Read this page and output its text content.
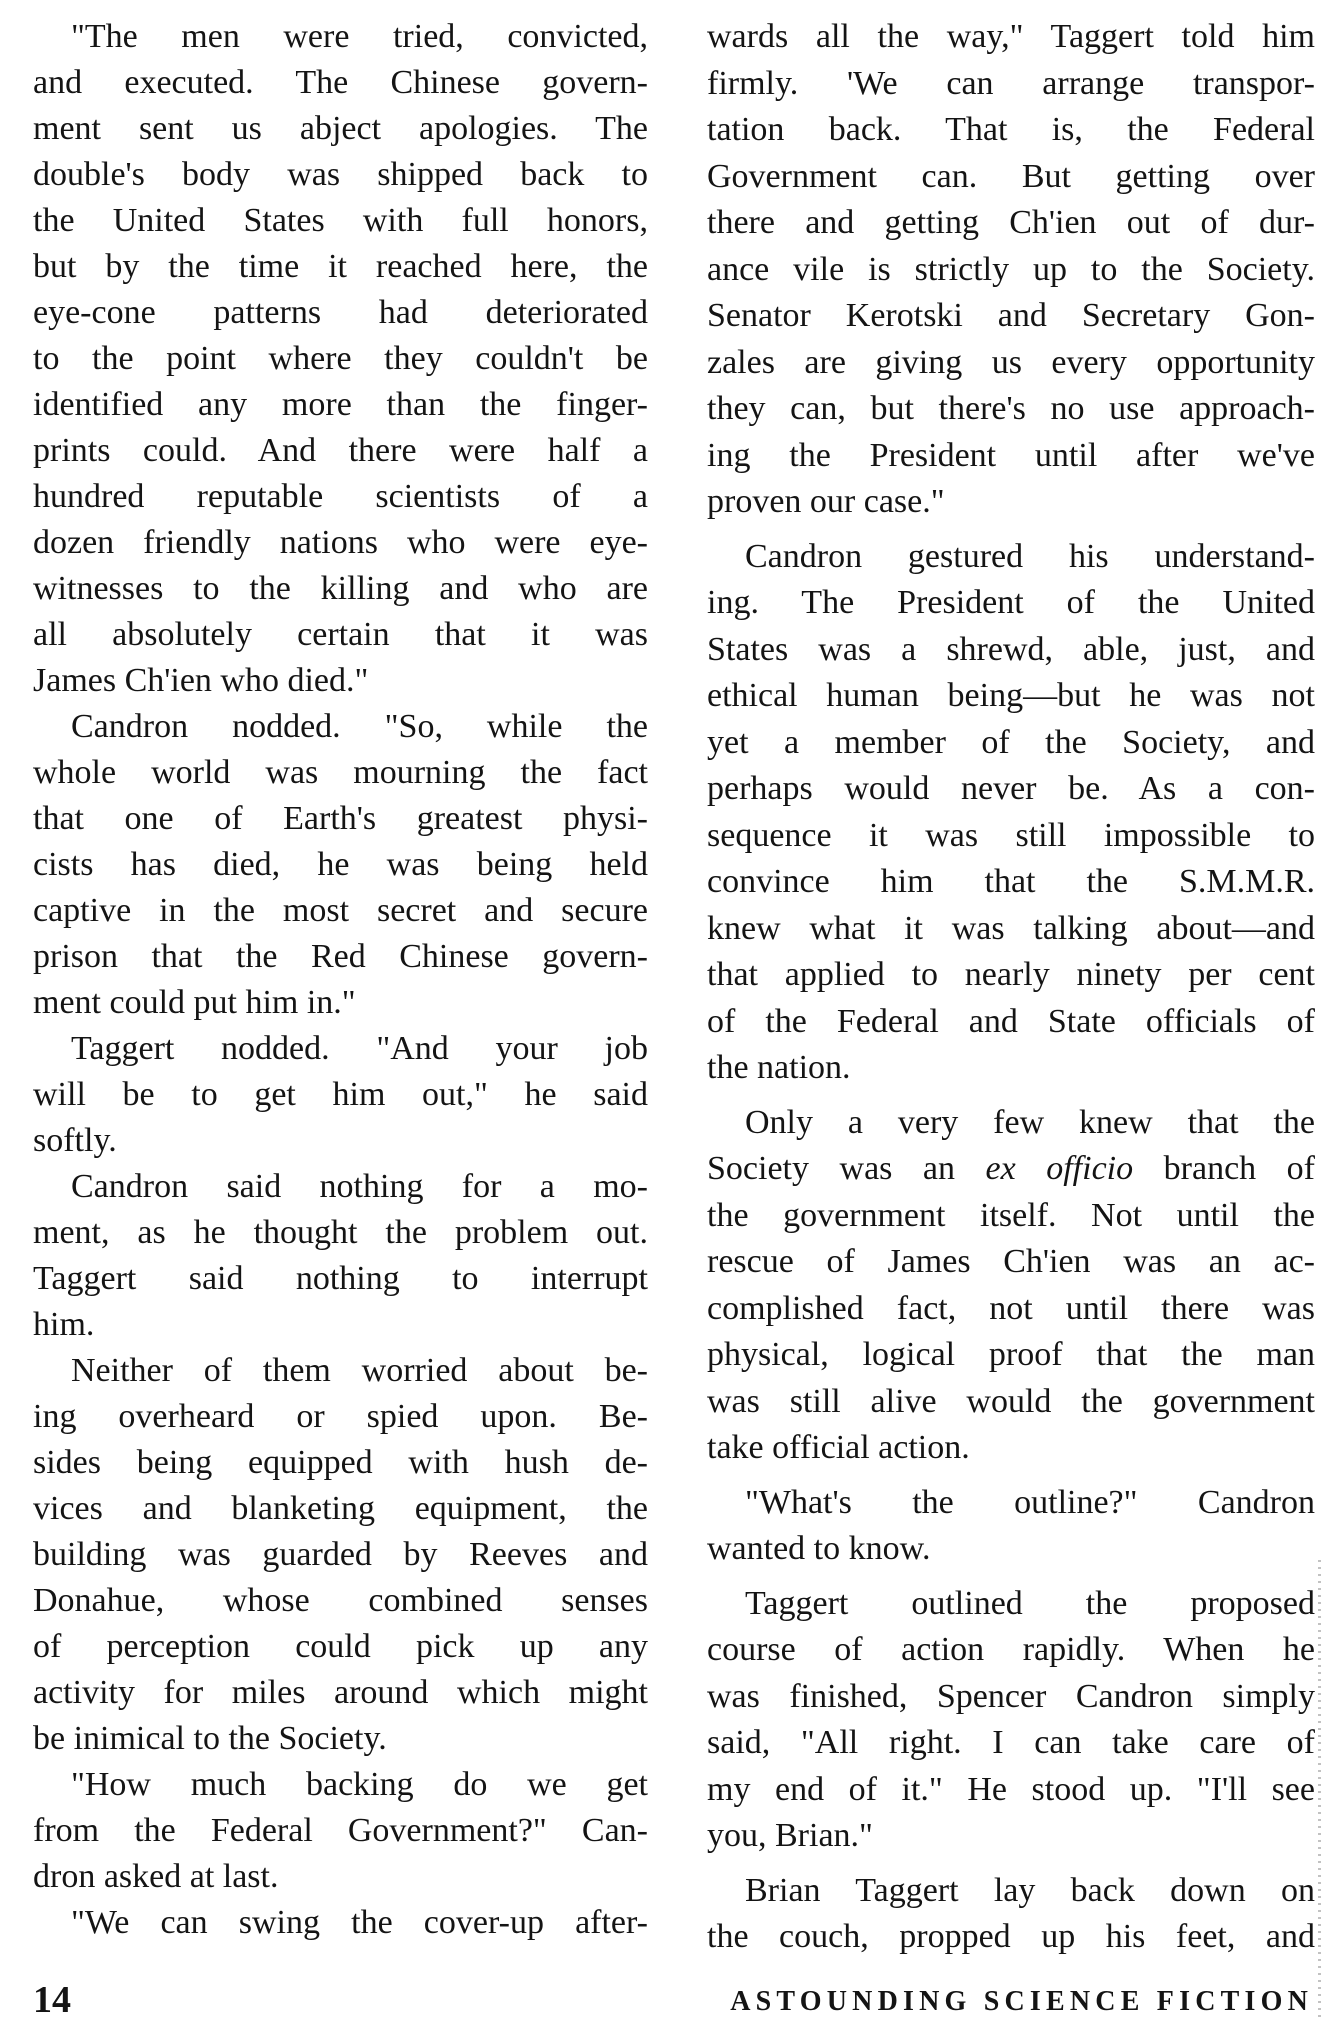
"The men were tried, convicted,
and executed. The Chinese govern-
ment sent us abject apologies. The
double's body was shipped back to
the United States with full honors,
but by the time it reached here, the
eye-cone patterns had deteriorated
to the point where they couldn't be
identified any more than the finger-
prints could. And there were half a
hundred reputable scientists of a
dozen friendly nations who were eye-
witnesses to the killing and who are
all absolutely certain that it was
James Ch'ien who died."
Candron nodded. "So, while the
whole world was mourning the fact
that one of Earth's greatest physi-
cists has died, he was being held
captive in the most secret and secure
prison that the Red Chinese govern-
ment could put him in."
Taggert nodded. "And your job
will be to get him out," he said
softly.
Candron said nothing for a mo-
ment, as he thought the problem out.
Taggert said nothing to interrupt
him.
Neither of them worried about be-
ing overheard or spied upon. Be-
sides being equipped with hush de-
vices and blanketing equipment, the
building was guarded by Reeves and
Donahue, whose combined senses
of perception could pick up any
activity for miles around which might
be inimical to the Society.
"How much backing do we get
from the Federal Government?" Can-
dron asked at last.
"We can swing the cover-up after-
wards all the way," Taggert told him
firmly. 'We can arrange transpor-
tation back. That is, the Federal
Government can. But getting over
there and getting Ch'ien out of dur-
ance vile is strictly up to the Society.
Senator Kerotski and Secretary Gon-
zales are giving us every opportunity
they can, but there's no use approach-
ing the President until after we've
proven our case."
Candron gestured his understand-
ing. The President of the United
States was a shrewd, able, just, and
ethical human being—but he was not
yet a member of the Society, and
perhaps would never be. As a con-
sequence it was still impossible to
convince him that the S.M.M.R.
knew what it was talking about—and
that applied to nearly ninety per cent
of the Federal and State officials of
the nation.
Only a very few knew that the
Society was an ex officio branch of
the government itself. Not until the
rescue of James Ch'ien was an ac-
complished fact, not until there was
physical, logical proof that the man
was still alive would the government
take official action.
"What's the outline?" Candron
wanted to know.
Taggert outlined the proposed
course of action rapidly. When he
was finished, Spencer Candron simply
said, "All right. I can take care of
my end of it." He stood up. "I'll see
you, Brian."
Brian Taggert lay back down on
the couch, propped up his feet, and
14	ASTOUNDING SCIENCE FICTION
